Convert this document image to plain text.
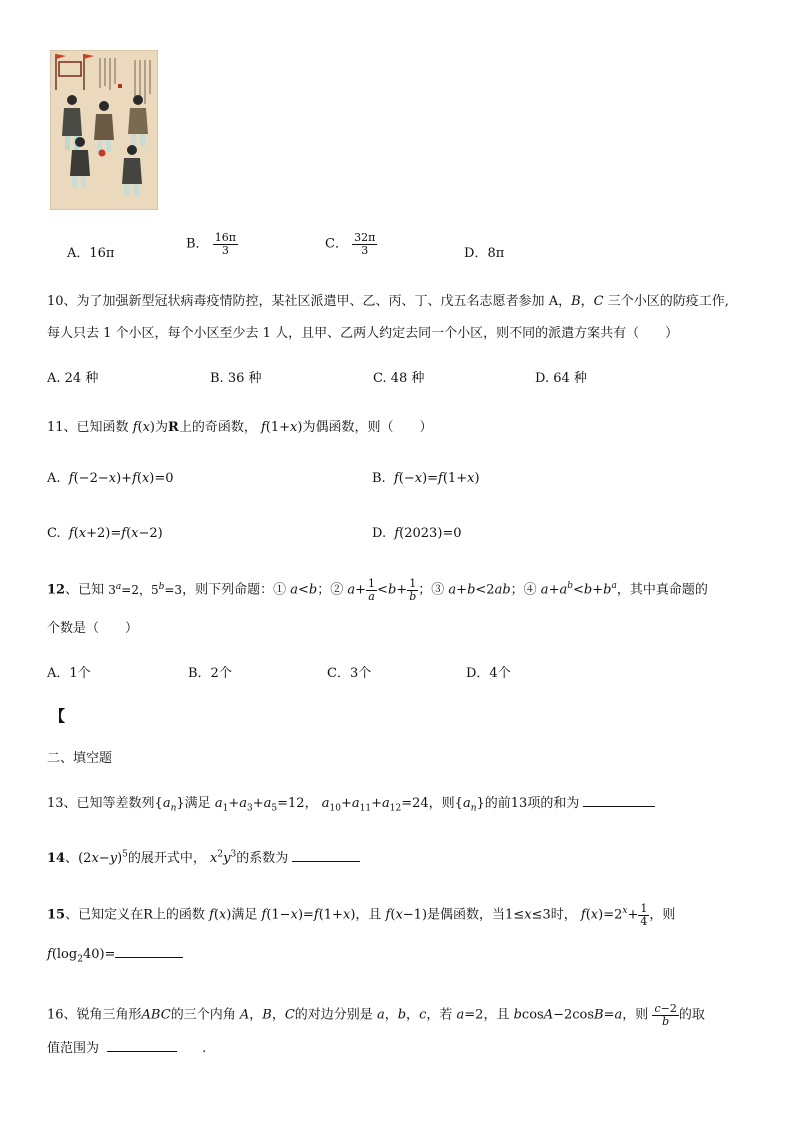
A．16π
B． $\frac{16\pi}{3}$	C． $\frac{32\pi}{3}$	D．8π
10、为了加强新型冠状病毒疫情防控，某社区派遣甲、乙、丙、丁、戊五名志愿者参加 A，B，C 三个小区的防疫工作,
每人只去 1 个小区，每个小区至少去 1 人，且甲、乙两人约定去同一个小区，则不同的派遣方案共有（　　）
A. 24 种	B. 36 种	C. 48 种	D. 64 种
11、已知函数 f(x)为R上的奇函数， f(1+x)为偶函数，则（　　）
A. f(−2−x)+f(x)=0	B. f(−x)=f(1+x)
C. f(x+2)=f(x−2)	D. f(2023)=0
12、已知 $3^a=2$，$5^b=3$，则下列命题：① a<b；② $a+ \frac{1}{a} <b+ \frac{1}{b}$ ；③ a+b<2ab；④ $a+a^b<b+b^a$，其中真命题的
个数是（　　）
A．1个	B．2个	C．3个	D．4个
【
二、填空题
13、已知等差数列$\{a_n\}$满足 $a_1+a_3+a_5=12$， $a_{10}+a_{11}+a_{12}=24$，则$\{a_n\}$的前13项的和为
14、$(2x-y)^5$的展开式中， $x^2y^3$的系数为
15、已知定义在R上的函数 f(x)满足 f(1−x)=f(1+x)，且 f(x−1)是偶函数，当1≤x≤3时， $f(x)=2^x+ \frac{1}{4}$ ，则
$f(\log_240)=$
16、锐角三角形ABC的三个内角 A，B，C的对边分别是 a，b，c，若 a=2，且 bcosA−2cosB=a，则 $\frac{c-2}{b}$ 的取
值范围为	.
